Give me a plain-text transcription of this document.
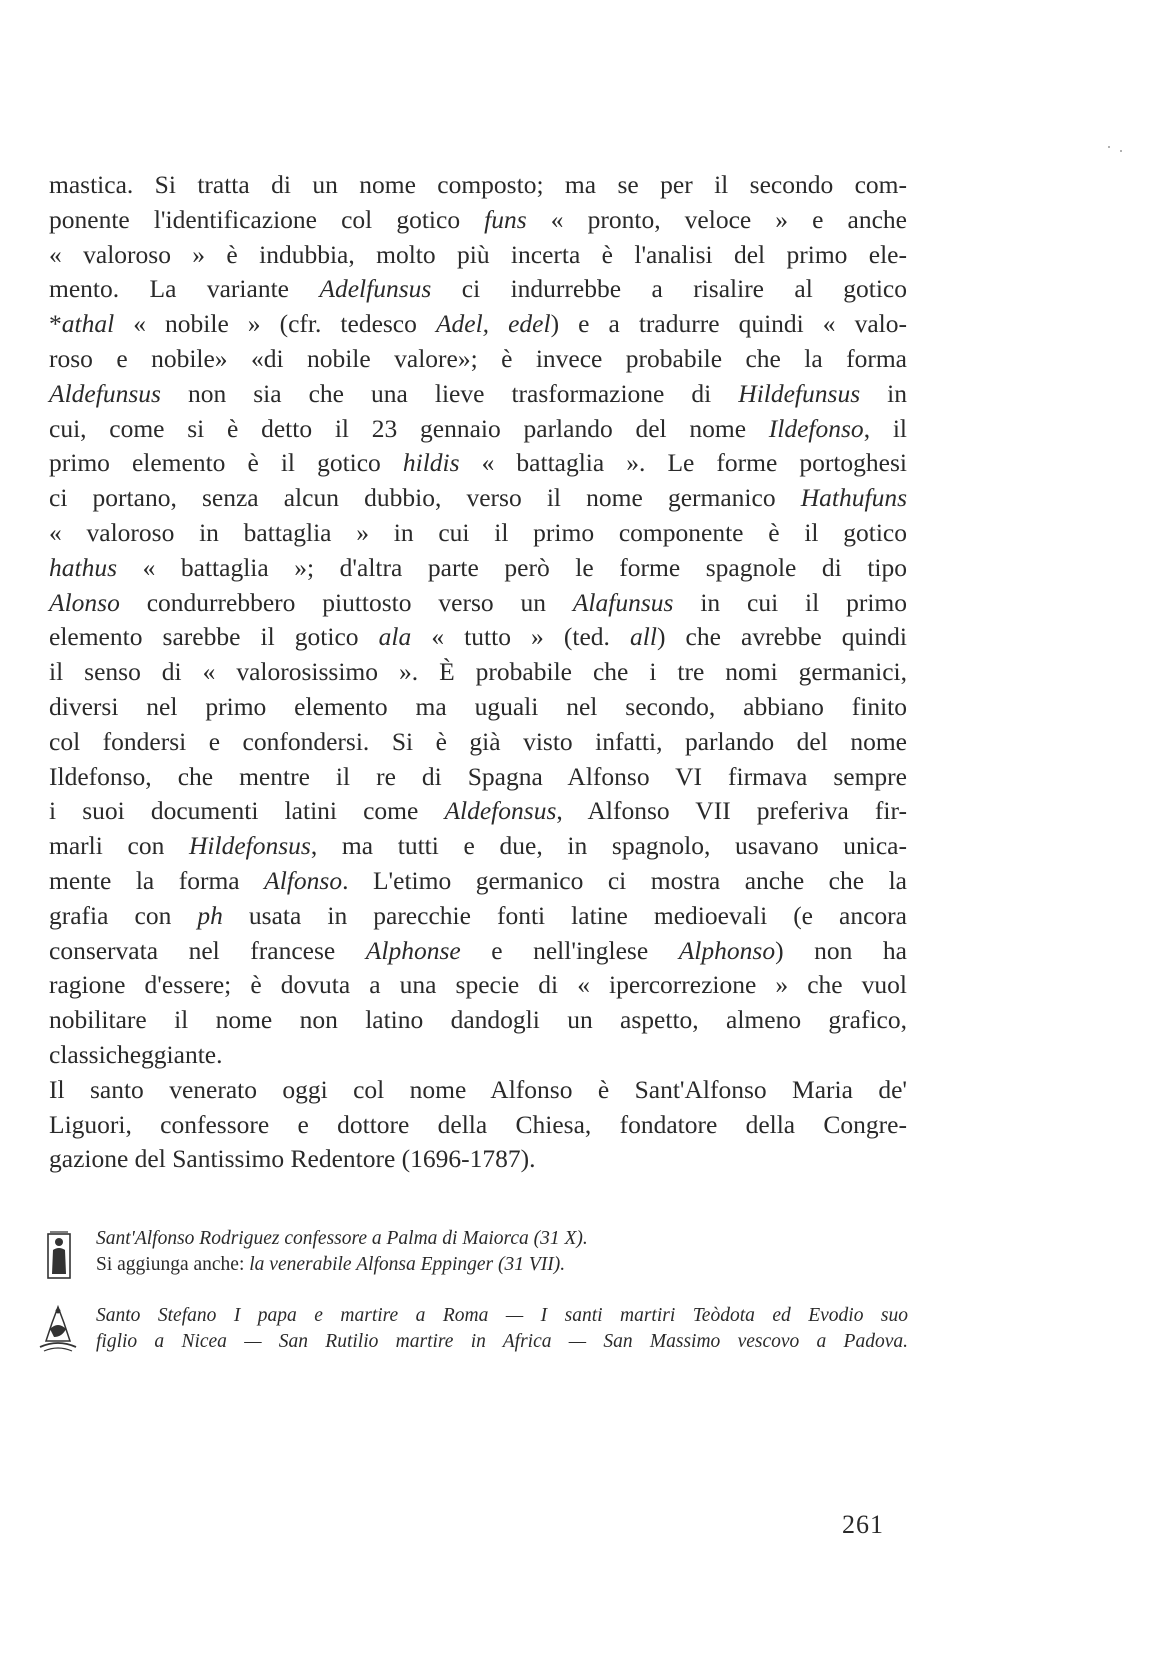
mastica. Si tratta di un nome composto; ma se per il secondo com-
ponente l'identificazione col gotico funs « pronto, veloce » e anche
« valoroso » è indubbia, molto più incerta è l'analisi del primo ele-
mento. La variante Adelfunsus ci indurrebbe a risalire al gotico
*athal « nobile » (cfr. tedesco Adel, edel) e a tradurre quindi « valo-
roso e nobile» «di nobile valore»; è invece probabile che la forma
Aldefunsus non sia che una lieve trasformazione di Hildefunsus in
cui, come si è detto il 23 gennaio parlando del nome Ildefonso, il
primo elemento è il gotico hildis « battaglia ». Le forme portoghesi
ci portano, senza alcun dubbio, verso il nome germanico Hathufuns
« valoroso in battaglia » in cui il primo componente è il gotico
hathus « battaglia »; d'altra parte però le forme spagnole di tipo
Alonso condurrebbero piuttosto verso un Alafunsus in cui il primo
elemento sarebbe il gotico ala « tutto » (ted. all) che avrebbe quindi
il senso di « valorosissimo ». È probabile che i tre nomi germanici,
diversi nel primo elemento ma uguali nel secondo, abbiano finito
col fondersi e confondersi. Si è già visto infatti, parlando del nome
Ildefonso, che mentre il re di Spagna Alfonso VI firmava sempre
i suoi documenti latini come Aldefonsus, Alfonso VII preferiva fir-
marli con Hildefonsus, ma tutti e due, in spagnolo, usavano unica-
mente la forma Alfonso. L'etimo germanico ci mostra anche che la
grafia con ph usata in parecchie fonti latine medioevali (e ancora
conservata nel francese Alphonse e nell'inglese Alphonso) non ha
ragione d'essere; è dovuta a una specie di « ipercorrezione » che vuol
nobilitare il nome non latino dandogli un aspetto, almeno grafico,
classicheggiante.
Il santo venerato oggi col nome Alfonso è Sant'Alfonso Maria de'
Liguori, confessore e dottore della Chiesa, fondatore della Congre-
gazione del Santissimo Redentore (1696-1787).
Sant'Alfonso Rodriguez confessore a Palma di Maiorca (31 X).
Si aggiunga anche: la venerabile Alfonsa Eppinger (31 VII).
Santo Stefano I papa e martire a Roma — I santi martiri Teòdota ed Evodio suo
figlio a Nicea — San Rutilio martire in Africa — San Massimo vescovo a Padova.
261
